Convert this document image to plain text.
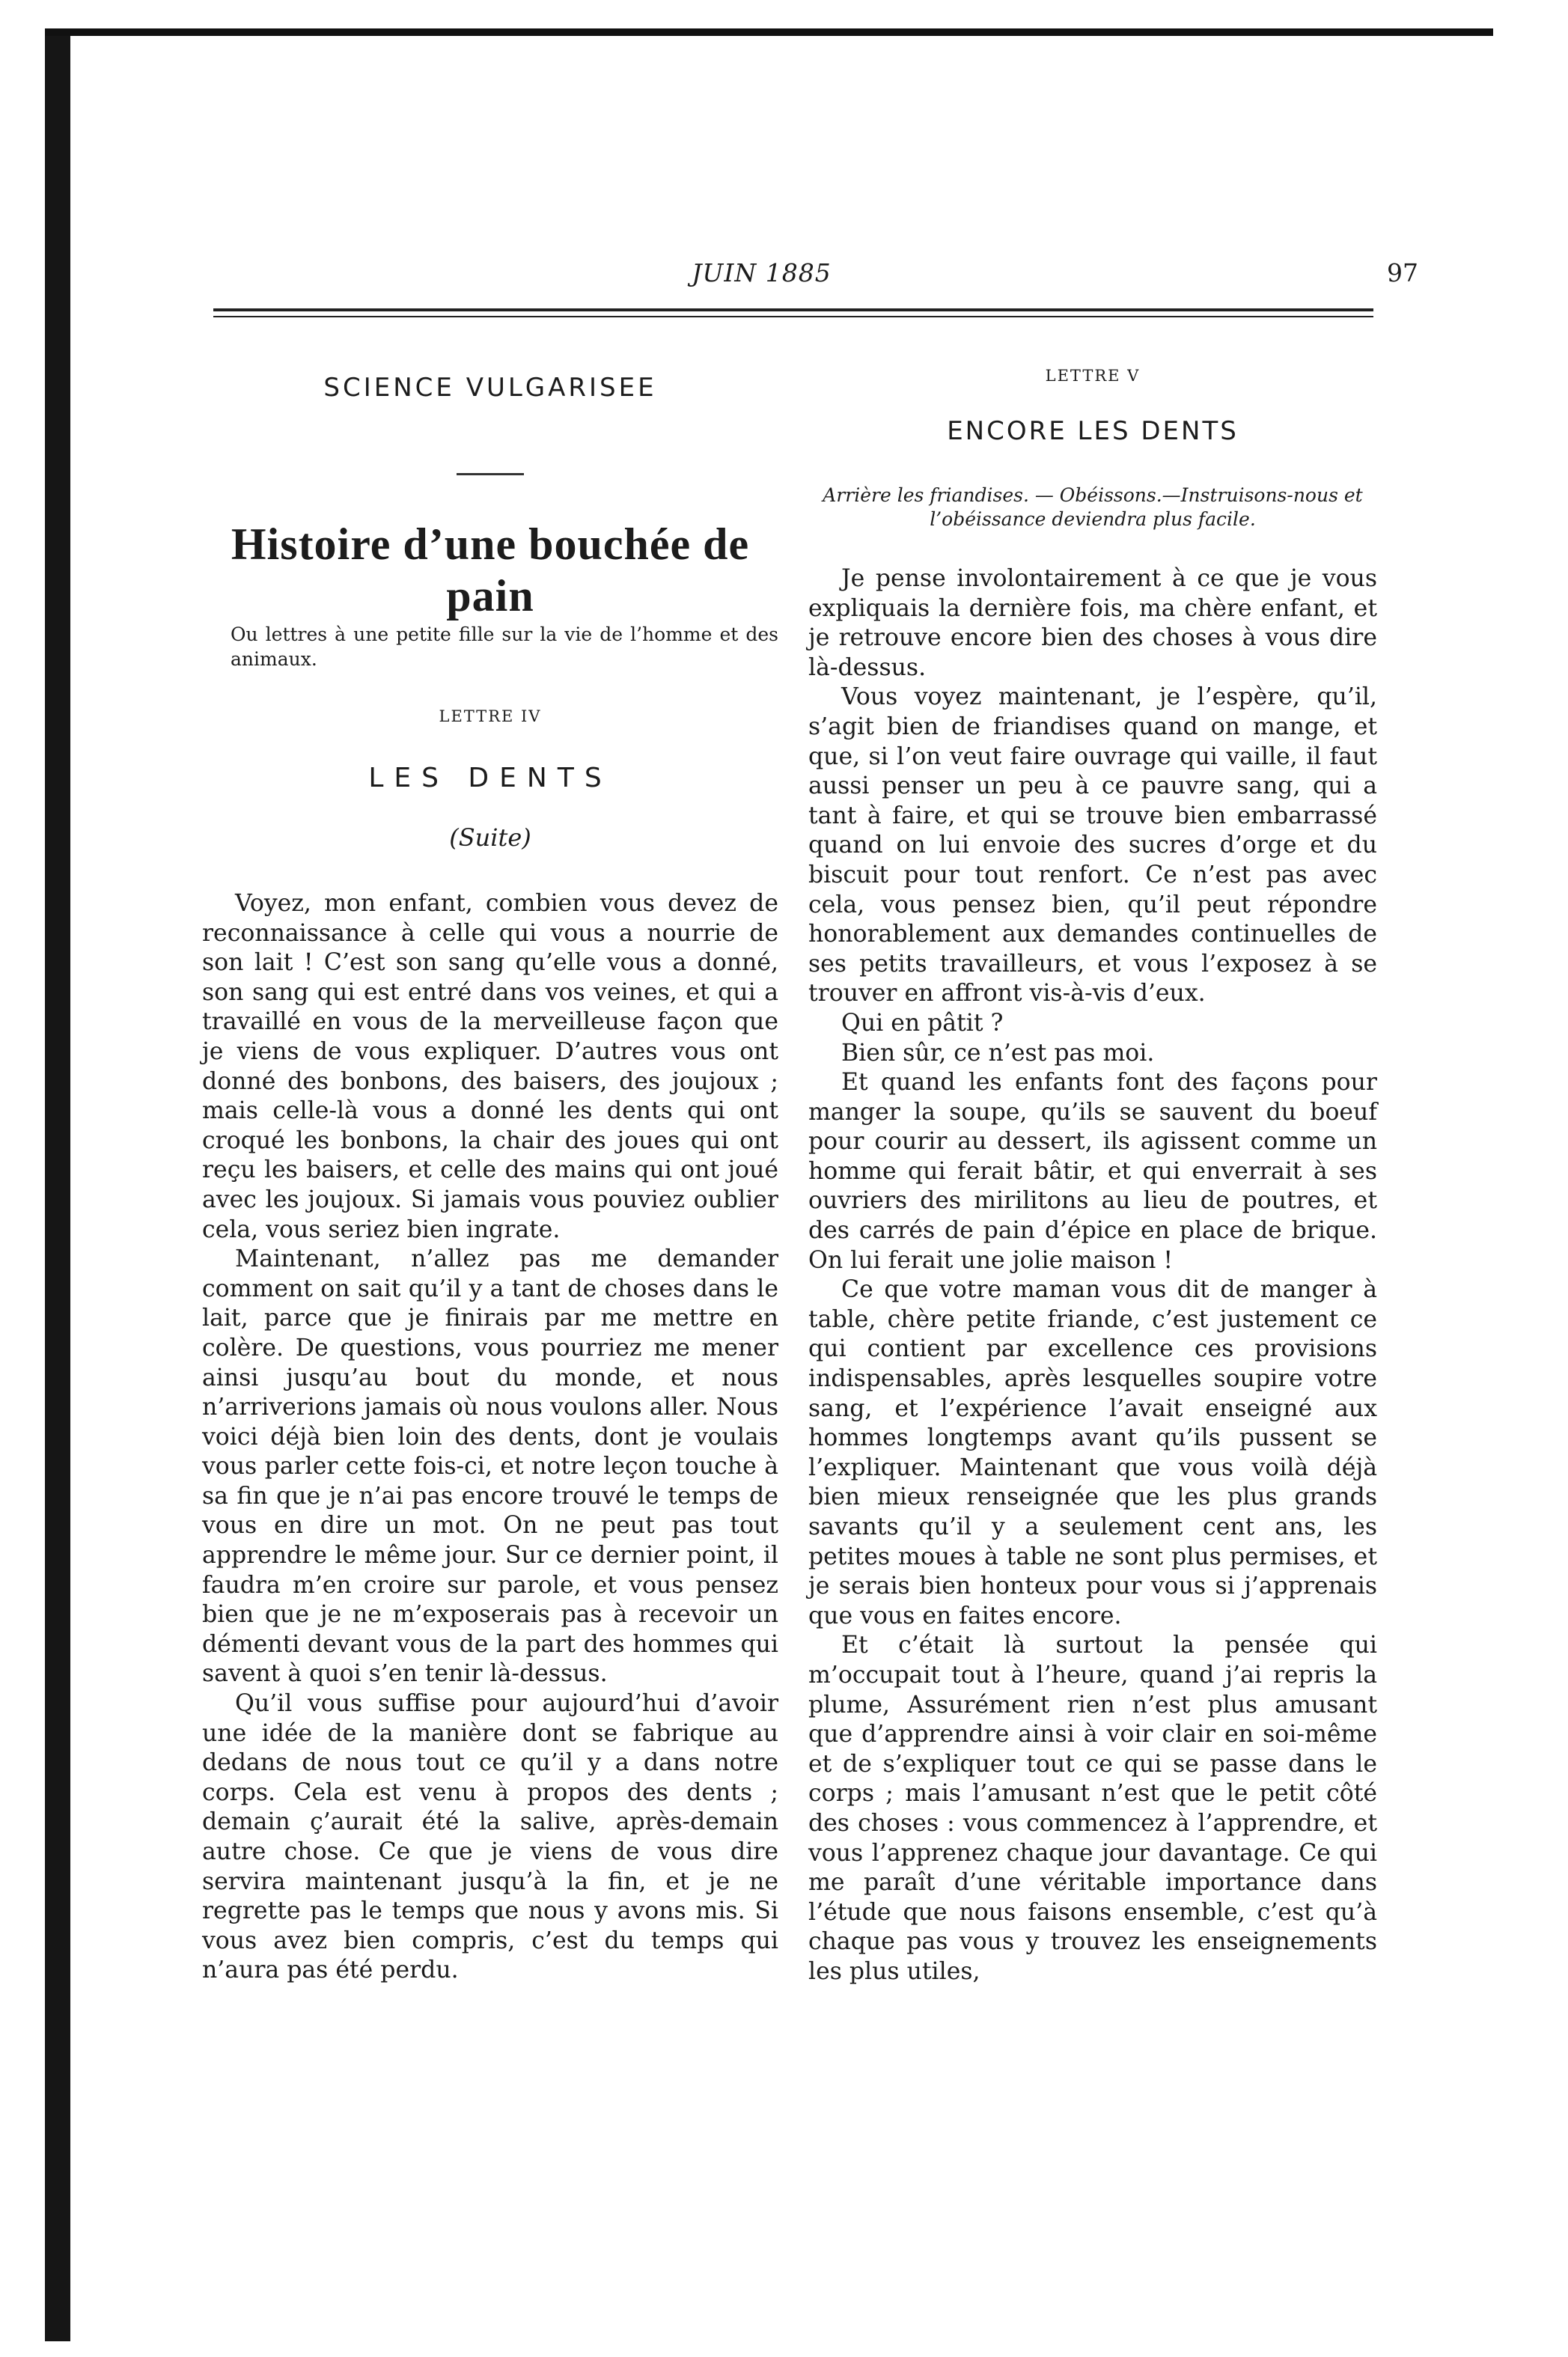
JUIN 1885	97
SCIENCE VULGARISEE
Histoire d’une bouchée de pain

Ou lettres à une petite fille sur la vie de l’homme et des animaux.

LETTRE IV
LES DENTS
(Suite)

Voyez, mon enfant, combien vous devez de reconnaissance à celle qui vous a nourrie de son lait ! C’est son sang qu’elle vous a donné, son sang qui est entré dans vos veines, et qui a travaillé en vous de la merveilleuse façon que je viens de vous expliquer. D’autres vous ont donné des bonbons, des baisers, des joujoux ; mais celle-là vous a donné les dents qui ont croqué les bonbons, la chair des joues qui ont reçu les baisers, et celle des mains qui ont joué avec les joujoux. Si jamais vous pouviez oublier cela, vous seriez bien ingrate.

Maintenant, n’allez pas me demander comment on sait qu’il y a tant de choses dans le lait, parce que je finirais par me mettre en colère. De questions, vous pourriez me mener ainsi jusqu’au bout du monde, et nous n’arriverions jamais où nous voulons aller. Nous voici déjà bien loin des dents, dont je voulais vous parler cette fois-ci, et notre leçon touche à sa fin que je n’ai pas encore trouvé le temps de vous en dire un mot. On ne peut pas tout apprendre le même jour. Sur ce dernier point, il faudra m’en croire sur parole, et vous pensez bien que je ne m’exposerais pas à recevoir un démenti devant vous de la part des hommes qui savent à quoi s’en tenir là-dessus.

Qu’il vous suffise pour aujourd’hui d’avoir une idée de la manière dont se fabrique au dedans de nous tout ce qu’il y a dans notre corps. Cela est venu à propos des dents ; demain ç’aurait été la salive, après-demain autre chose. Ce que je viens de vous dire servira maintenant jusqu’à la fin, et je ne regrette pas le temps que nous y avons mis. Si vous avez bien compris, c’est du temps qui n’aura pas été perdu.

LETTRE V
ENCORE LES DENTS
Arrière les friandises. — Obéissons.—Instruisons-nous et l’obéissance deviendra plus facile.

Je pense involontairement à ce que je vous expliquais la dernière fois, ma chère enfant, et je retrouve encore bien des choses à vous dire là-dessus.

Vous voyez maintenant, je l’espère, qu’il, s’agit bien de friandises quand on mange, et que, si l’on veut faire ouvrage qui vaille, il faut aussi penser un peu à ce pauvre sang, qui a tant à faire, et qui se trouve bien embarrassé quand on lui envoie des sucres d’orge et du biscuit pour tout renfort. Ce n’est pas avec cela, vous pensez bien, qu’il peut répondre honorablement aux demandes continuelles de ses petits travailleurs, et vous l’exposez à se trouver en affront vis-à-vis d’eux.

Qui en pâtit ?

Bien sûr, ce n’est pas moi.

Et quand les enfants font des façons pour manger la soupe, qu’ils se sauvent du boeuf pour courir au dessert, ils agissent comme un homme qui ferait bâtir, et qui enverrait à ses ouvriers des mirilitons au lieu de poutres, et des carrés de pain d’épice en place de brique. On lui ferait une jolie maison !

Ce que votre maman vous dit de manger à table, chère petite friande, c’est justement ce qui contient par excellence ces provisions indispensables, après lesquelles soupire votre sang, et l’expérience l’avait enseigné aux hommes longtemps avant qu’ils pussent se l’expliquer. Maintenant que vous voilà déjà bien mieux renseignée que les plus grands savants qu’il y a seulement cent ans, les petites moues à table ne sont plus permises, et je serais bien honteux pour vous si j’apprenais que vous en faites encore.

Et c’était là surtout la pensée qui m’occupait tout à l’heure, quand j’ai repris la plume, Assurément rien n’est plus amusant que d’apprendre ainsi à voir clair en soi-même et de s’expliquer tout ce qui se passe dans le corps ; mais l’amusant n’est que le petit côté des choses : vous commencez à l’apprendre, et vous l’apprenez chaque jour davantage. Ce qui me paraît d’une véritable importance dans l’étude que nous faisons ensemble, c’est qu’à chaque pas vous y trouvez les enseignements les plus utiles,
